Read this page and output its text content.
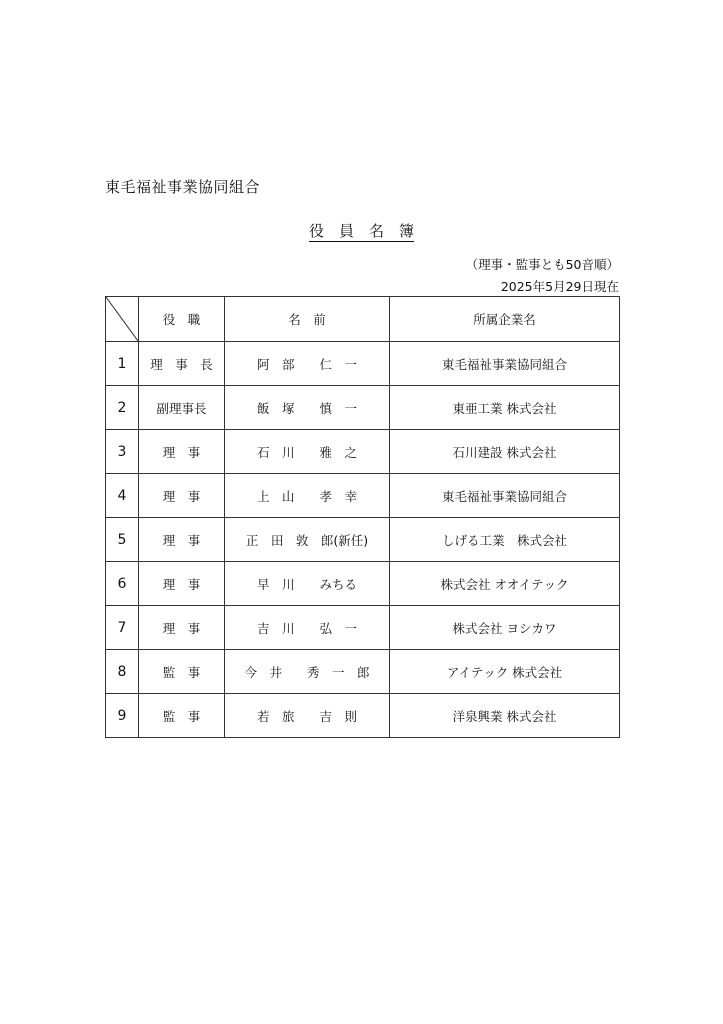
東毛福祉事業協同組合
役　員　名　簿
（理事・監事とも50音順）
2025年5月29日現在
	役　職	名　前	所属企業名
1	理　事　長	阿　部　　仁　一	東毛福祉事業協同組合
2	副理事長	飯　塚　　慎　一	東亜工業 株式会社
3	理　事	石　川　　雅　之	石川建設 株式会社
4	理　事	上　山　　孝　幸	東毛福祉事業協同組合
5	理　事	正　田　敦　郎(新任)	しげる工業　株式会社
6	理　事	早　川　　みちる	株式会社 オオイテック
7	理　事	吉　川　　弘　一	株式会社 ヨシカワ
8	監　事	今　井　　秀　一　郎	アイテック 株式会社
9	監　事	若　旅　　吉　則	洋泉興業 株式会社
